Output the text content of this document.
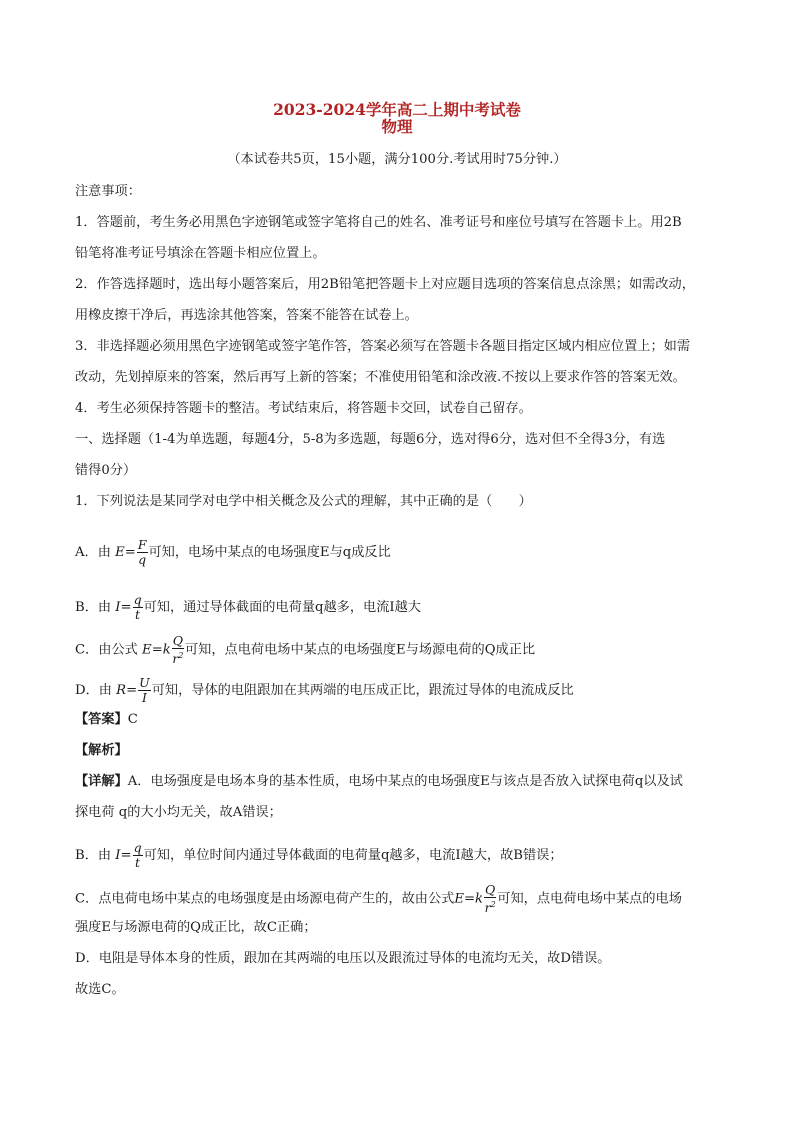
2023-2024学年高二上期中考试卷
物理

（本试卷共5页，15小题，满分100分.考试用时75分钟.）

注意事项：

1．答题前，考生务必用黑色字迹钢笔或签字笔将自己的姓名、准考证号和座位号填写在答题卡上。用2B

铅笔将准考证号填涂在答题卡相应位置上。

2．作答选择题时，选出每小题答案后，用2B铅笔把答题卡上对应题目选项的答案信息点涂黑；如需改动，

用橡皮擦干净后，再选涂其他答案，答案不能答在试卷上。

3．非选择题必须用黑色字迹钢笔或签字笔作答，答案必须写在答题卡各题目指定区域内相应位置上；如需

改动，先划掉原来的答案，然后再写上新的答案；不准使用铅笔和涂改液.不按以上要求作答的答案无效。

4．考生必须保持答题卡的整洁。考试结束后，将答题卡交回，试卷自己留存。

一、选择题（1-4为单选题，每题4分，5-8为多选题，每题6分，选对得6分，选对但不全得3分，有选

错得0分）

1．下列说法是某同学对电学中相关概念及公式的理解，其中正确的是（　　）

A．由 $E= \frac{F}{q}$ 可知，电场中某点的电场强度E与q成反比

B．由 $I= \frac{q}{t}$ 可知，通过导体截面的电荷量q越多，电流I越大

C．由公式 $E=k \frac{Q}{r^2}$ 可知，点电荷电场中某点的电场强度E与场源电荷的Q成正比

D．由 $R= \frac{U}{I}$ 可知，导体的电阻跟加在其两端的电压成正比，跟流过导体的电流成反比

【答案】C

【解析】

【详解】A．电场强度是电场本身的基本性质，电场中某点的电场强度E与该点是否放入试探电荷q以及试

探电荷 q的大小均无关，故A错误；

B．由 $I= \frac{q}{t}$ 可知，单位时间内通过导体截面的电荷量q越多，电流I越大，故B错误；

C．点电荷电场中某点的电场强度是由场源电荷产生的，故由公式$E=k \frac{Q}{r^2}$ 可知，点电荷电场中某点的电场

强度E与场源电荷的Q成正比，故C正确；

D．电阻是导体本身的性质，跟加在其两端的电压以及跟流过导体的电流均无关，故D错误。

故选C。
